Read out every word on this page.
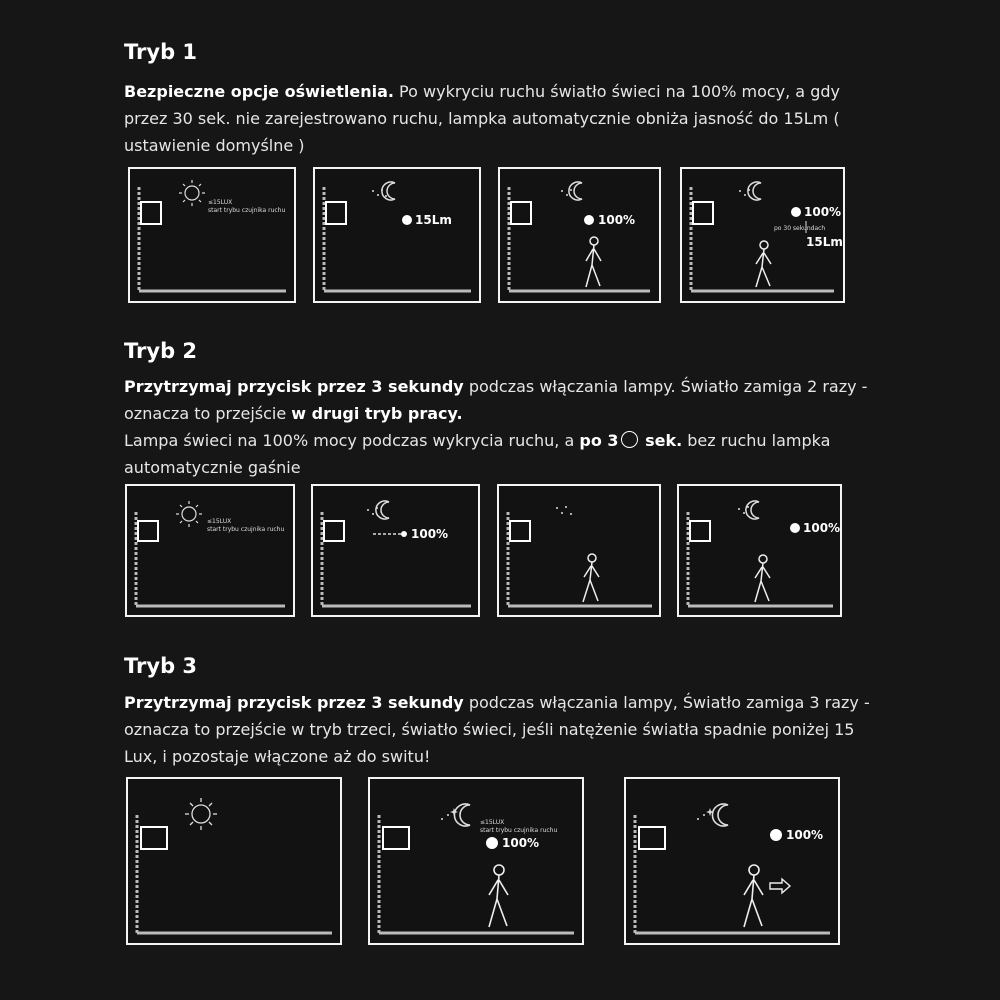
Tryb 1
Bezpieczne opcje oświetlenia. Po wykryciu ruchu światło świeci na 100% mocy, a gdy przez 30 sek. nie zarejestrowano ruchu, lampka automatycznie obniża jasność do 15Lm ( ustawienie domyślne )
≤15LUX
start trybu czujnika ruchu
15Lm	100%
100%
po 30 sekundach
15Lm
Tryb 2
Przytrzymaj przycisk przez 3 sekundy podczas włączania lampy. Światło zamiga 2 razy - oznacza to przejście w drugi tryb pracy.
Lampa świeci na 100% mocy podczas wykrycia ruchu, a po 3 sek. bez ruchu lampka automatycznie gaśnie
≤15LUX
start trybu czujnika ruchu	100%	100%
Tryb 3
Przytrzymaj przycisk przez 3 sekundy podczas włączania lampy, Światło zamiga 3 razy - oznacza to przejście w tryb trzeci, światło świeci, jeśli natężenie światła spadnie poniżej 15 Lux, i pozostaje włączone aż do switu!
≤15LUX
start trybu czujnika ruchu
100%
100%
